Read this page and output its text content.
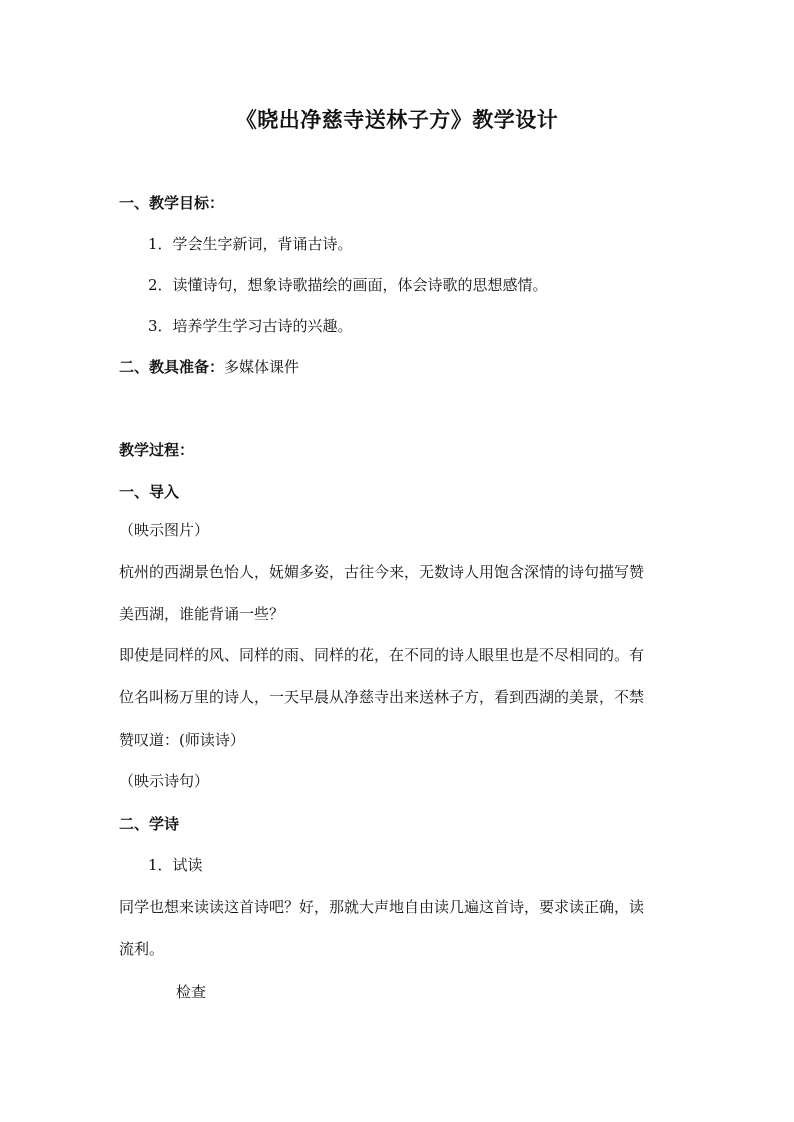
《晓出净慈寺送林子方》教学设计
一、教学目标：
1．学会生字新词，背诵古诗。
2．读懂诗句，想象诗歌描绘的画面，体会诗歌的思想感情。
3．培养学生学习古诗的兴趣。
二、教具准备：多媒体课件
教学过程：
一、导入
（映示图片）
杭州的西湖景色怡人，妩媚多姿，古往今来，无数诗人用饱含深情的诗句描写赞
美西湖，谁能背诵一些？
即使是同样的风、同样的雨、同样的花，在不同的诗人眼里也是不尽相同的。有
位名叫杨万里的诗人，一天早晨从净慈寺出来送林子方，看到西湖的美景，不禁
赞叹道：(师读诗）
（映示诗句）
二、学诗
1．试读
同学也想来读读这首诗吧？好，那就大声地自由读几遍这首诗，要求读正确，读
流利。
检查
